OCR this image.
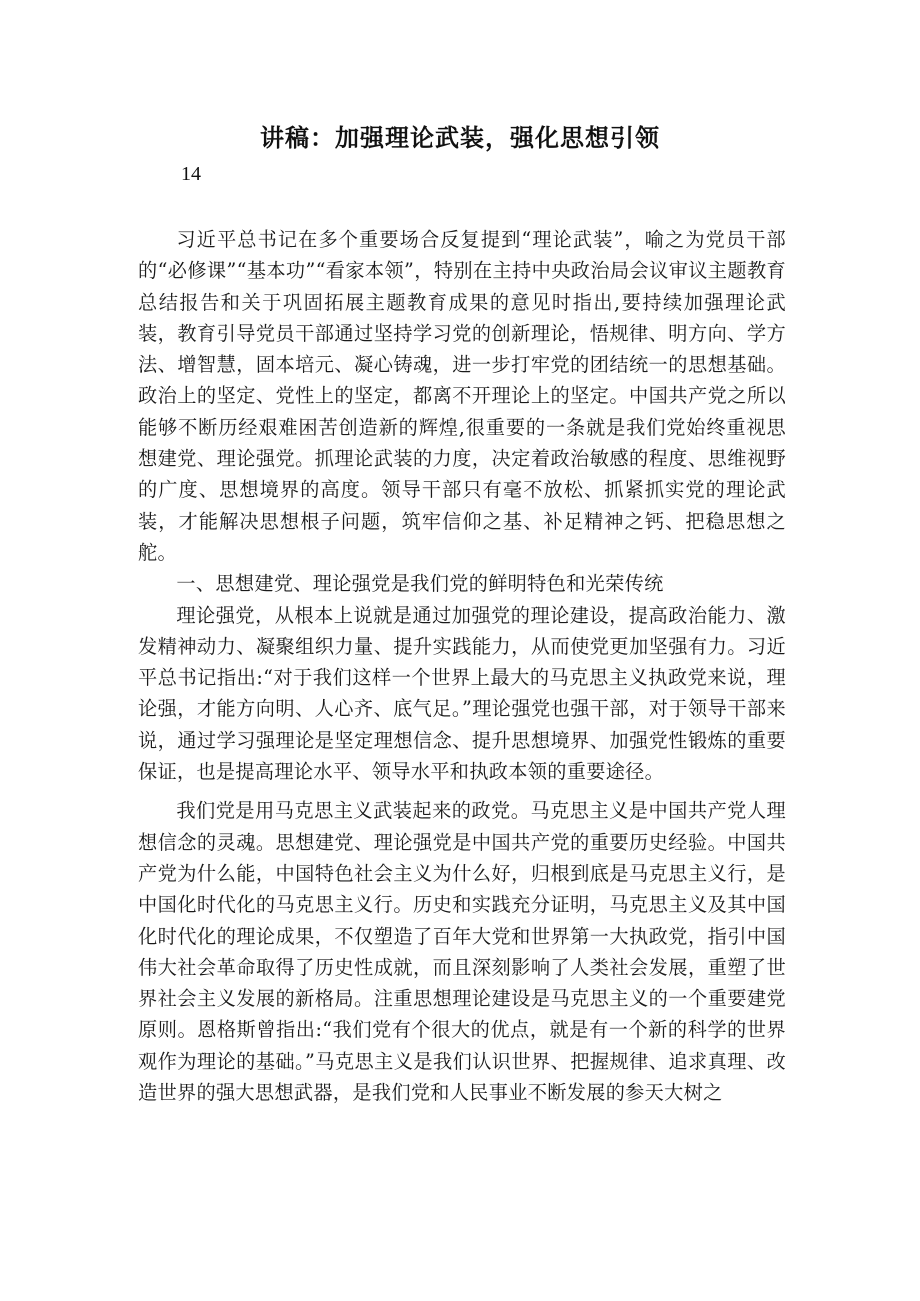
讲稿：加强理论武装，强化思想引领
14

习近平总书记在多个重要场合反复提到“理论武装”，喻之为党员干部的“必修课”“基本功”“看家本领”，特别在主持中央政治局会议审议主题教育总结报告和关于巩固拓展主题教育成果的意见时指出,要持续加强理论武装，教育引导党员干部通过坚持学习党的创新理论，悟规律、明方向、学方法、增智慧，固本培元、凝心铸魂，进一步打牢党的团结统一的思想基础。政治上的坚定、党性上的坚定，都离不开理论上的坚定。中国共产党之所以能够不断历经艰难困苦创造新的辉煌,很重要的一条就是我们党始终重视思想建党、理论强党。抓理论武装的力度，决定着政治敏感的程度、思维视野的广度、思想境界的高度。领导干部只有毫不放松、抓紧抓实党的理论武装，才能解决思想根子问题，筑牢信仰之基、补足精神之钙、把稳思想之舵。

一、思想建党、理论强党是我们党的鲜明特色和光荣传统

理论强党，从根本上说就是通过加强党的理论建设，提高政治能力、激发精神动力、凝聚组织力量、提升实践能力，从而使党更加坚强有力。习近平总书记指出:“对于我们这样一个世界上最大的马克思主义执政党来说，理论强，才能方向明、人心齐、底气足。”理论强党也强干部，对于领导干部来说，通过学习强理论是坚定理想信念、提升思想境界、加强党性锻炼的重要保证，也是提高理论水平、领导水平和执政本领的重要途径。

我们党是用马克思主义武装起来的政党。马克思主义是中国共产党人理想信念的灵魂。思想建党、理论强党是中国共产党的重要历史经验。中国共产党为什么能，中国特色社会主义为什么好，归根到底是马克思主义行，是中国化时代化的马克思主义行。历史和实践充分证明，马克思主义及其中国化时代化的理论成果，不仅塑造了百年大党和世界第一大执政党，指引中国伟大社会革命取得了历史性成就，而且深刻影响了人类社会发展，重塑了世界社会主义发展的新格局。注重思想理论建设是马克思主义的一个重要建党原则。恩格斯曾指出:“我们党有个很大的优点，就是有一个新的科学的世界观作为理论的基础。”马克思主义是我们认识世界、把握规律、追求真理、改造世界的强大思想武器，是我们党和人民事业不断发展的参天大树之
